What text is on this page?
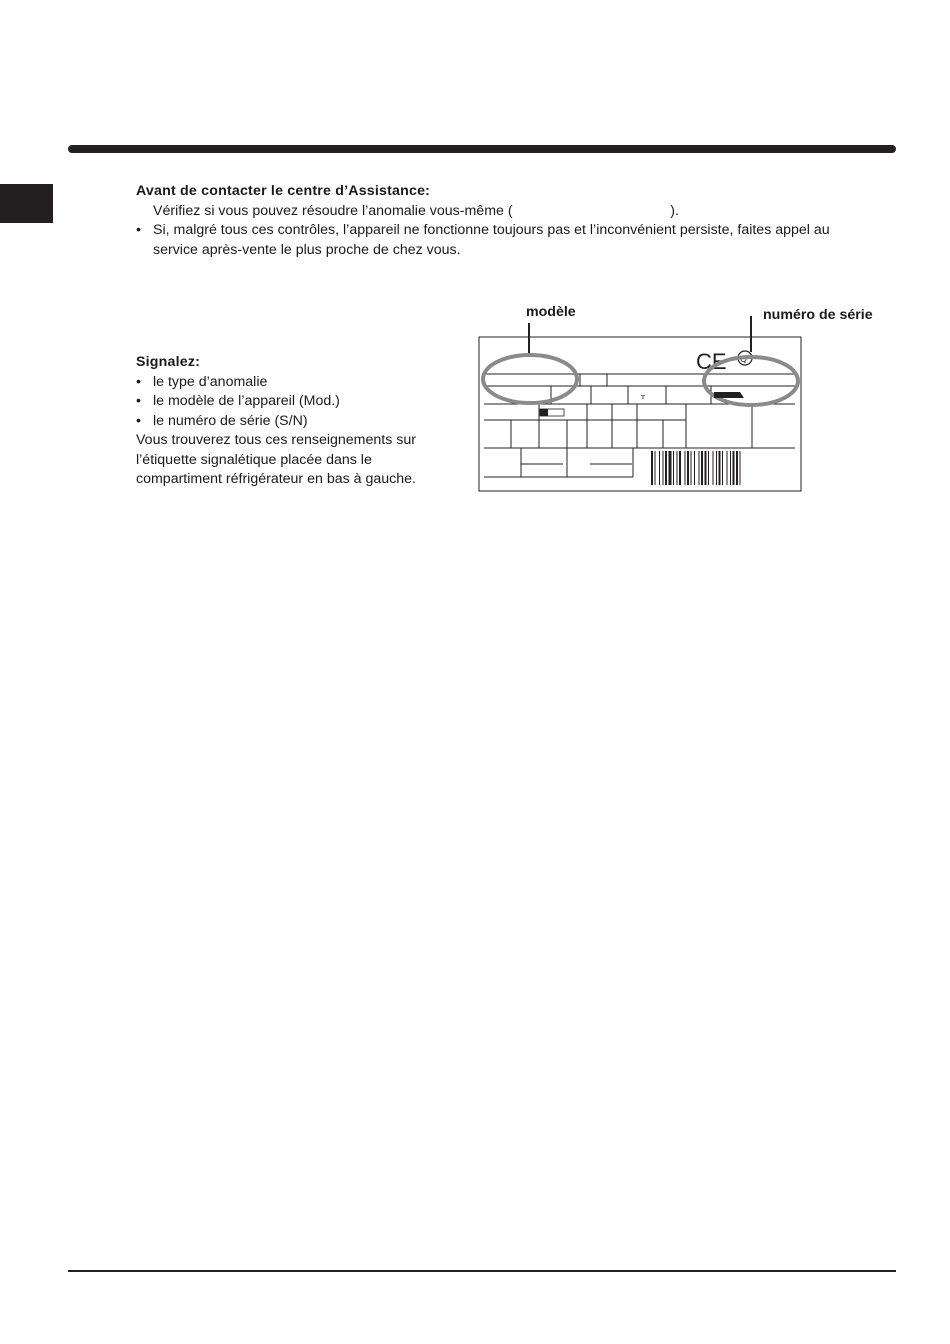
Avant de contacter le centre d’Assistance:
Vérifiez si vous pouvez résoudre l’anomalie vous-même (                                        ).
• Si, malgré tous ces contrôles, l’appareil ne fonctionne toujours pas et l’inconvénient persiste, faites appel au
service après-vente le plus proche de chez vous.
Signalez:
• le type d’anomalie
• le modèle de l’appareil (Mod.)
• le numéro de série (S/N)
Vous trouverez tous ces renseignements sur
l’étiquette signalétique placée dans le
compartiment réfrigérateur en bas à gauche.
modèle	numéro de série
ᚁ
CE Q
